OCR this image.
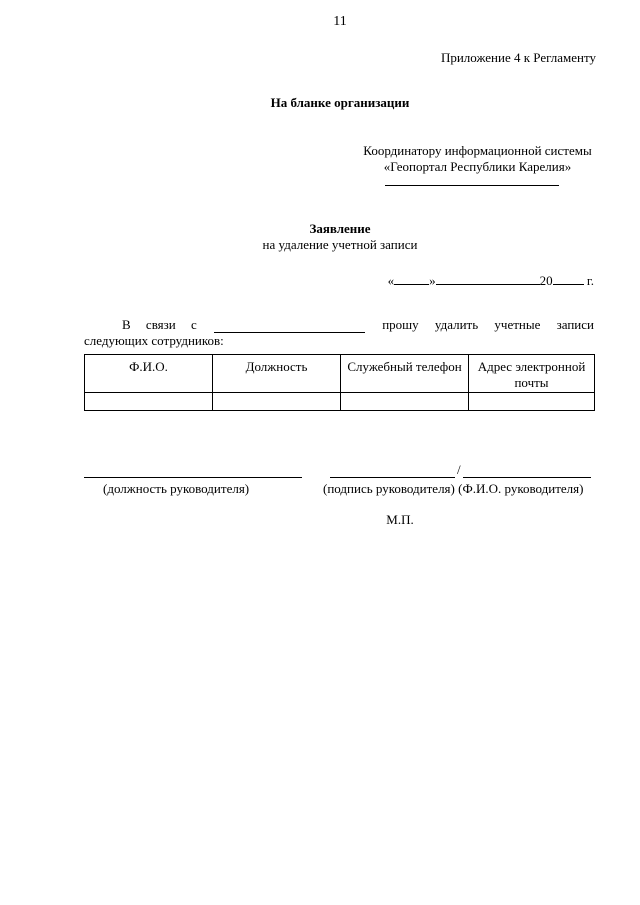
11
Приложение 4 к Регламенту
На бланке организации
Координатору информационной системы
«Геопортал Республики Карелия»
Заявление
на удаление учетной записи
«	»	20	г.
В связи с	прошу удалить учетные записи
следующих сотрудников:
Ф.И.О.	Должность	Служебный телефон	Адрес электронной почты

/
(должность руководителя)	(подпись руководителя) (Ф.И.О. руководителя)
М.П.
